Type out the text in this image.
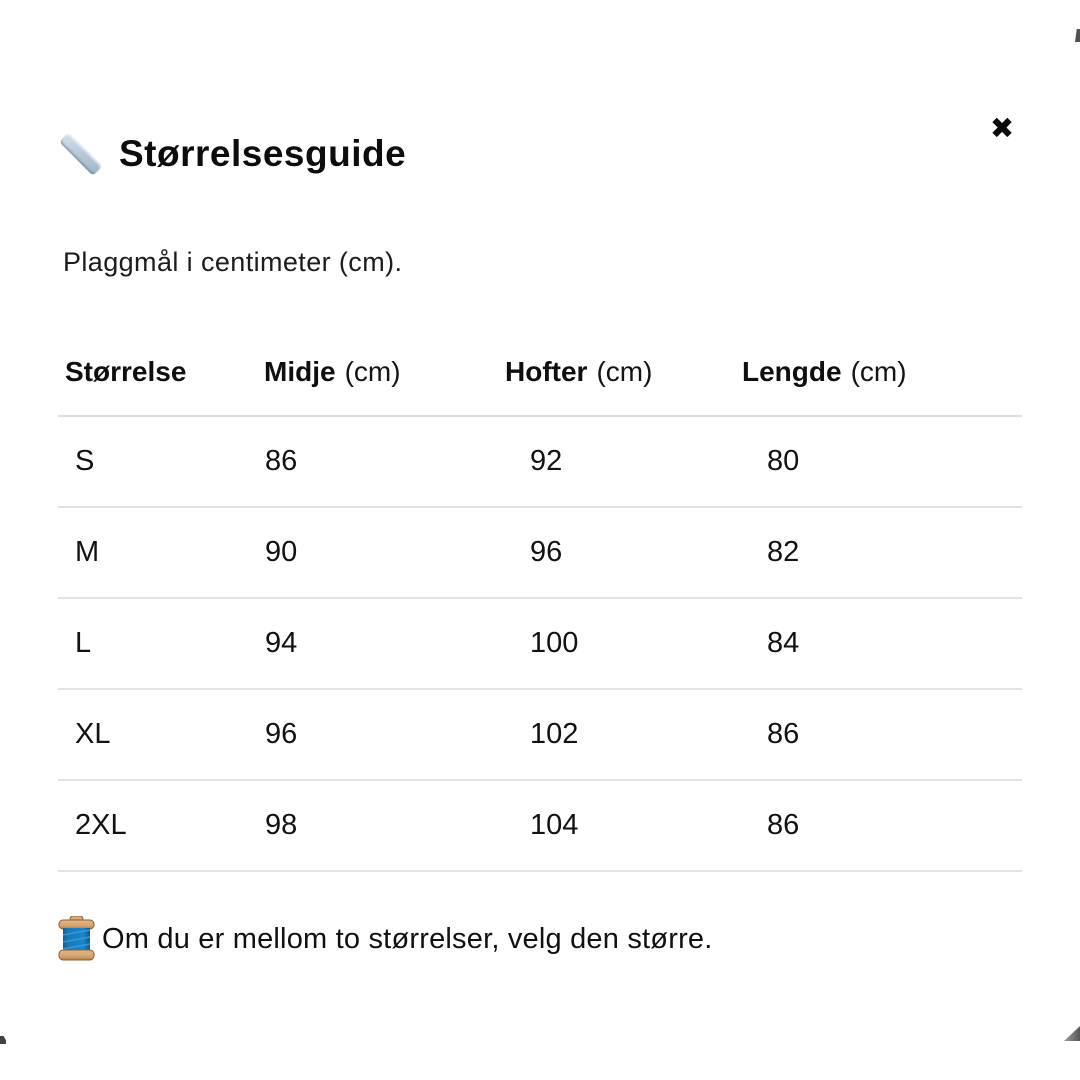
✖
Størrelsesguide

Plaggmål i centimeter (cm).

Størrelse	Midje (cm)	Hofter (cm)	Lengde (cm)
S	86	92	80
M	90	96	82
L	94	100	84
XL	96	102	86
2XL	98	104	86
Om du er mellom to størrelser, velg den større.
